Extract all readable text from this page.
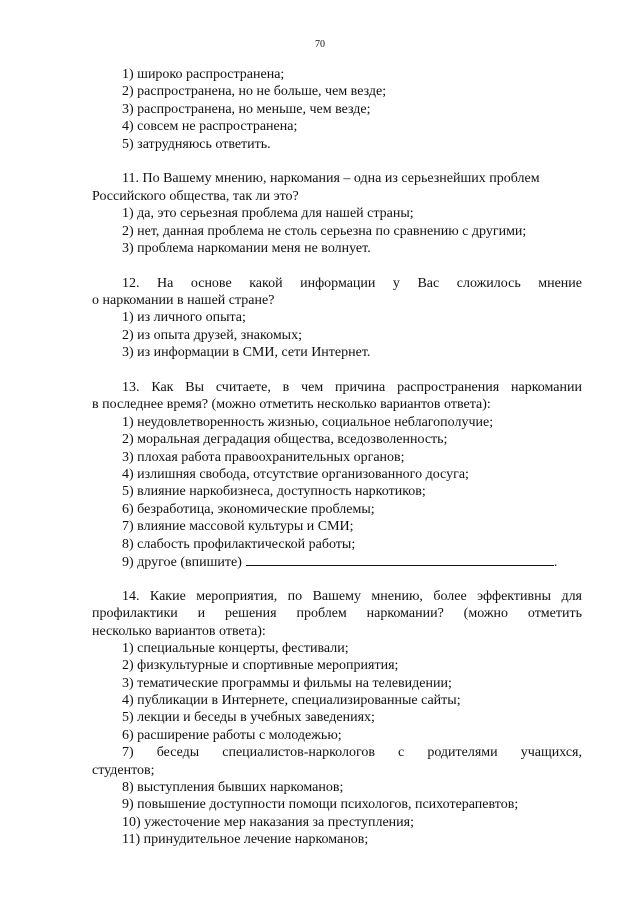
70
1) широко распространена;
2) распространена, но не больше, чем везде;
3) распространена, но меньше, чем везде;
4) совсем не распространена;
5) затрудняюсь ответить.
11. По Вашему мнению, наркомания – одна из серьезнейших проблем
Российского общества, так ли это?
1) да, это серьезная проблема для нашей страны;
2) нет, данная проблема не столь серьезна по сравнению с другими;
3) проблема наркомании меня не волнует.
12. На основе какой информации у Вас сложилось мнение
о наркомании в нашей стране?
1) из личного опыта;
2) из опыта друзей, знакомых;
3) из информации в СМИ, сети Интернет.
13. Как Вы считаете, в чем причина распространения наркомании
в последнее время? (можно отметить несколько вариантов ответа):
1) неудовлетворенность жизнью, социальное неблагополучие;
2) моральная деградация общества, вседозволенность;
3) плохая работа правоохранительных органов;
4) излишняя свобода, отсутствие организованного досуга;
5) влияние наркобизнеса, доступность наркотиков;
6) безработица, экономические проблемы;
7) влияние массовой культуры и СМИ;
8) слабость профилактической работы;
9) другое (впишите)	.
14. Какие мероприятия, по Вашему мнению, более эффективны для
профилактики и решения проблем наркомании? (можно отметить
несколько вариантов ответа):
1) специальные концерты, фестивали;
2) физкультурные и спортивные мероприятия;
3) тематические программы и фильмы на телевидении;
4) публикации в Интернете, специализированные сайты;
5) лекции и беседы в учебных заведениях;
6) расширение работы с молодежью;
7) беседы специалистов-наркологов с родителями учащихся,
студентов;
8) выступления бывших наркоманов;
9) повышение доступности помощи психологов, психотерапевтов;
10) ужесточение мер наказания за преступления;
11) принудительное лечение наркоманов;
